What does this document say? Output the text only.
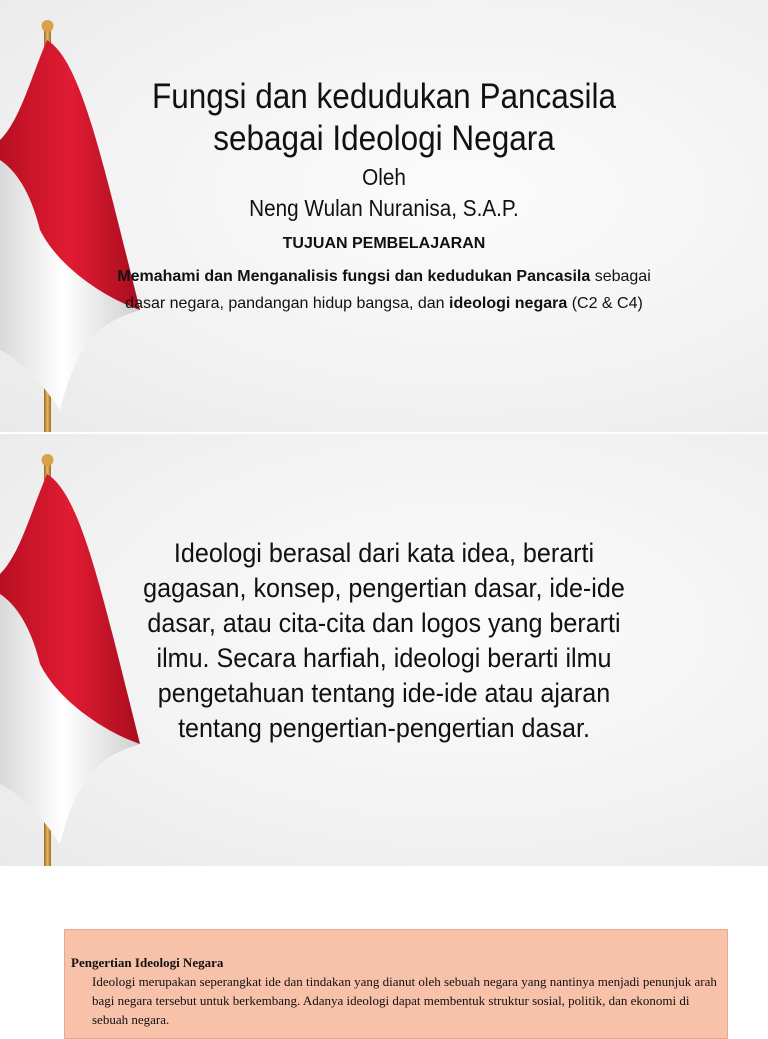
Fungsi dan kedudukan Pancasila
sebagai Ideologi Negara
Oleh
Neng Wulan Nuranisa, S.A.P.
TUJUAN PEMBELAJARAN
Memahami dan Menganalisis fungsi dan kedudukan Pancasila sebagai dasar negara, pandangan hidup bangsa, dan ideologi negara (C2 & C4)
Ideologi berasal dari kata idea, berarti gagasan, konsep, pengertian dasar, ide-ide dasar, atau cita-cita dan logos yang berarti ilmu. Secara harfiah, ideologi berarti ilmu pengetahuan tentang ide-ide atau ajaran tentang pengertian-pengertian dasar.
Pengertian Ideologi Negara
Ideologi merupakan seperangkat ide dan tindakan yang dianut oleh sebuah negara yang nantinya menjadi penunjuk arah bagi negara tersebut untuk berkembang. Adanya ideologi dapat membentuk struktur sosial, politik, dan ekonomi di sebuah negara.
